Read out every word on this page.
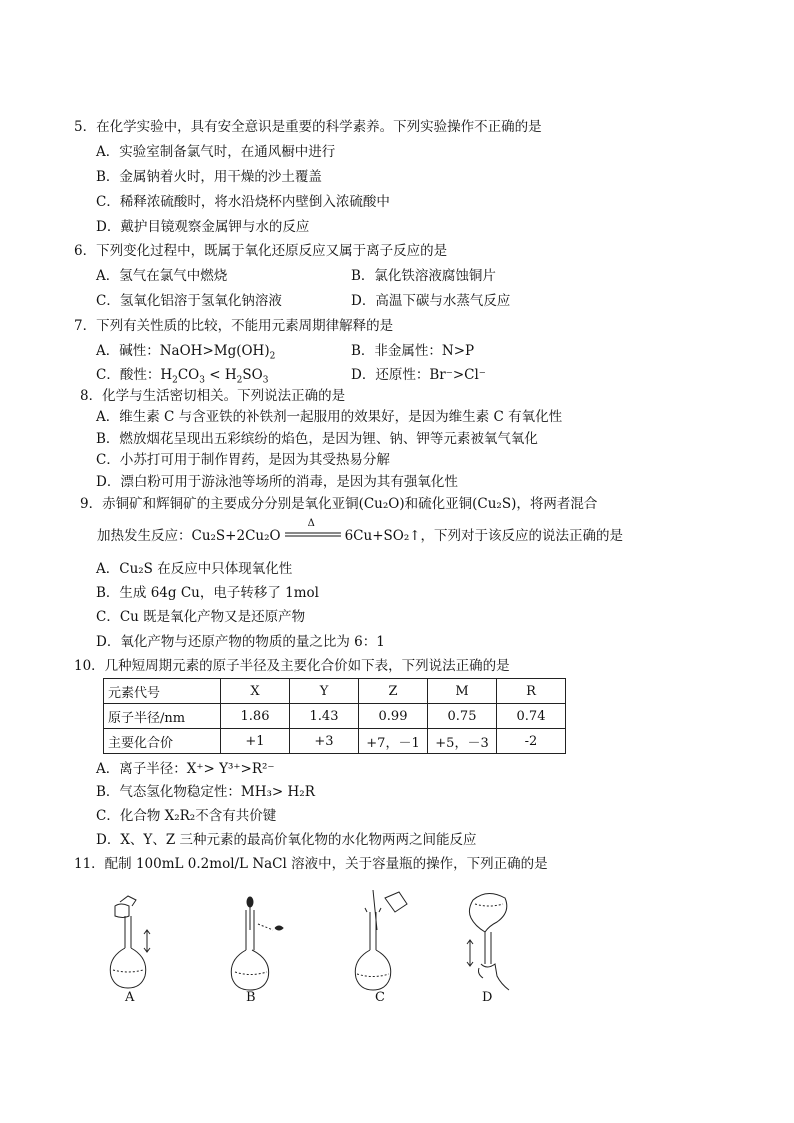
5．在化学实验中，具有安全意识是重要的科学素养。下列实验操作不正确的是
A．实验室制备氯气时，在通风橱中进行
B．金属钠着火时，用干燥的沙土覆盖
C．稀释浓硫酸时，将水沿烧杯内壁倒入浓硫酸中
D．戴护目镜观察金属钾与水的反应
6．下列变化过程中，既属于氧化还原反应又属于离子反应的是
A．氢气在氯气中燃烧	B．氯化铁溶液腐蚀铜片
C．氢氧化铝溶于氢氧化钠溶液	D．高温下碳与水蒸气反应
7．下列有关性质的比较，不能用元素周期律解释的是
A．碱性：$NaOH>Mg(OH)_2$	B．非金属性：N>P
C．酸性：$H_2CO_3 < H_2SO_3$	D．还原性：Br⁻>Cl⁻
8．化学与生活密切相关。下列说法正确的是
A．维生素 C 与含亚铁的补铁剂一起服用的效果好，是因为维生素 C 有氧化性
B．燃放烟花呈现出五彩缤纷的焰色，是因为锂、钠、钾等元素被氧气氧化
C．小苏打可用于制作胃药，是因为其受热易分解
D．漂白粉可用于游泳池等场所的消毒，是因为其有强氧化性
9．赤铜矿和辉铜矿的主要成分分别是氧化亚铜(Cu₂O)和硫化亚铜(Cu₂S)，将两者混合
加热发生反应：Cu₂S+2Cu₂O
Δ
6Cu+SO₂↑，下列对于该反应的说法正确的是
A．Cu₂S 在反应中只体现氧化性
B．生成 64g Cu，电子转移了 1mol
C．Cu 既是氧化产物又是还原产物
D．氧化产物与还原产物的物质的量之比为 6：1
10．几种短周期元素的原子半径及主要化合价如下表，下列说法正确的是
元素代号	X	Y	Z	M	R
原子半径/nm	1.86	1.43	0.99	0.75	0.74
主要化合价	+1	+3	+7，－1	+5，－3	-2
A．离子半径：X⁺> Y³⁺>R²⁻
B．气态氢化物稳定性：MH₃> H₂R
C．化合物 X₂R₂不含有共价键
D．X、Y、Z 三种元素的最高价氧化物的水化物两两之间能反应
11．配制 100mL 0.2mol/L NaCl 溶液中，关于容量瓶的操作，下列正确的是
A	B	C	D
